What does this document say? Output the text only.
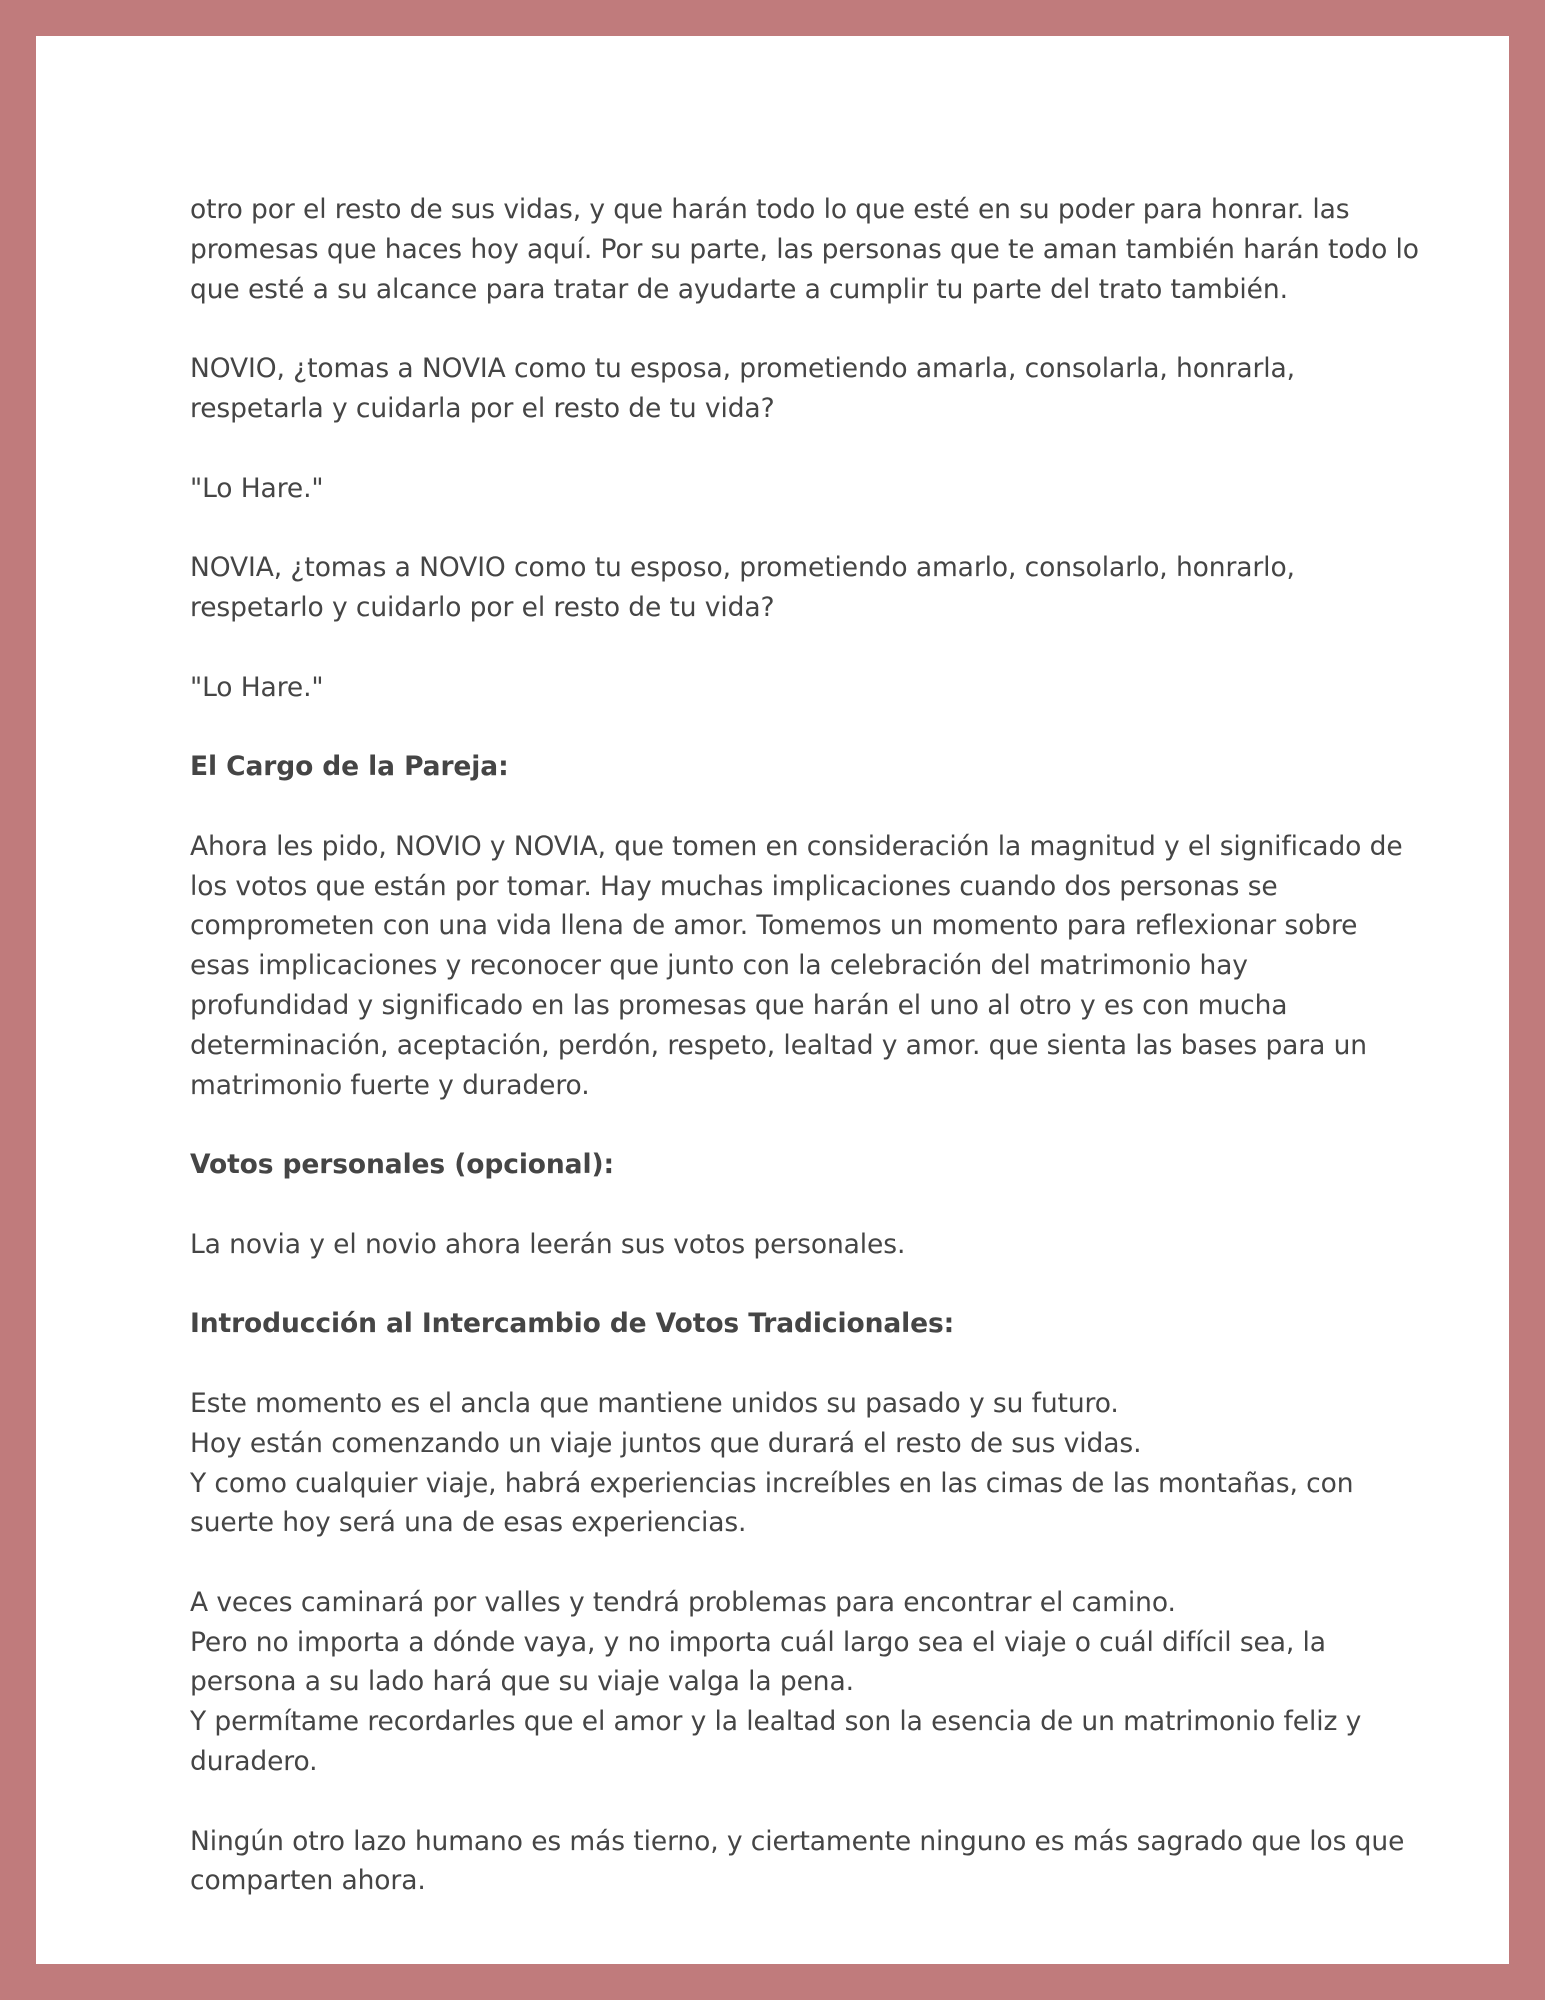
otro por el resto de sus vidas, y que harán todo lo que esté en su poder para honrar. las
promesas que haces hoy aquí. Por su parte, las personas que te aman también harán todo lo
que esté a su alcance para tratar de ayudarte a cumplir tu parte del trato también.

NOVIO, ¿tomas a NOVIA como tu esposa, prometiendo amarla, consolarla, honrarla,
respetarla y cuidarla por el resto de tu vida?

"Lo Hare."

NOVIA, ¿tomas a NOVIO como tu esposo, prometiendo amarlo, consolarlo, honrarlo,
respetarlo y cuidarlo por el resto de tu vida?

"Lo Hare."

El Cargo de la Pareja:

Ahora les pido, NOVIO y NOVIA, que tomen en consideración la magnitud y el significado de
los votos que están por tomar. Hay muchas implicaciones cuando dos personas se
comprometen con una vida llena de amor. Tomemos un momento para reflexionar sobre
esas implicaciones y reconocer que junto con la celebración del matrimonio hay
profundidad y significado en las promesas que harán el uno al otro y es con mucha
determinación, aceptación, perdón, respeto, lealtad y amor. que sienta las bases para un
matrimonio fuerte y duradero.

Votos personales (opcional):

La novia y el novio ahora leerán sus votos personales.

Introducción al Intercambio de Votos Tradicionales:

Este momento es el ancla que mantiene unidos su pasado y su futuro.
Hoy están comenzando un viaje juntos que durará el resto de sus vidas.
Y como cualquier viaje, habrá experiencias increíbles en las cimas de las montañas, con
suerte hoy será una de esas experiencias.

A veces caminará por valles y tendrá problemas para encontrar el camino.
Pero no importa a dónde vaya, y no importa cuál largo sea el viaje o cuál difícil sea, la
persona a su lado hará que su viaje valga la pena.
Y permítame recordarles que el amor y la lealtad son la esencia de un matrimonio feliz y
duradero.

Ningún otro lazo humano es más tierno, y ciertamente ninguno es más sagrado que los que
comparten ahora.
